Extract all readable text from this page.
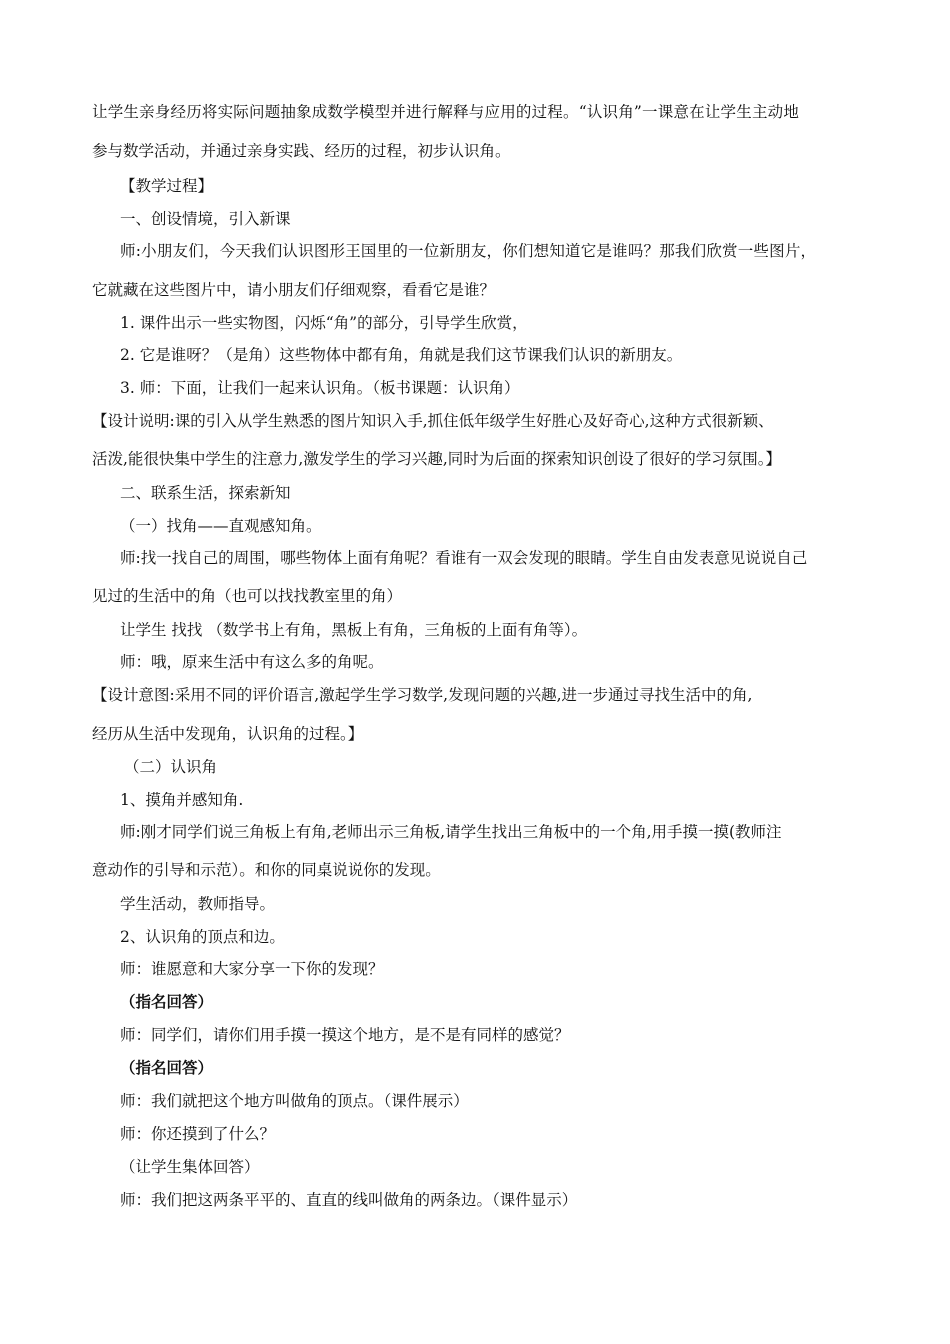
让学生亲身经历将实际问题抽象成数学模型并进行解释与应用的过程。“认识角”一课意在让学生主动地
参与数学活动，并通过亲身实践、经历的过程，初步认识角。
【教学过程】
一、创设情境，引入新课
师:小朋友们，今天我们认识图形王国里的一位新朋友，你们想知道它是谁吗？那我们欣赏一些图片，
它就藏在这些图片中，请小朋友们仔细观察，看看它是谁？
1. 课件出示一些实物图，闪烁“角”的部分，引导学生欣赏，
2. 它是谁呀？（是角）这些物体中都有角，角就是我们这节课我们认识的新朋友。
3. 师：下面，让我们一起来认识角。（板书课题：认识角）
【设计说明:课的引入从学生熟悉的图片知识入手,抓住低年级学生好胜心及好奇心,这种方式很新颖、
活泼,能很快集中学生的注意力,激发学生的学习兴趣,同时为后面的探索知识创设了很好的学习氛围。】
二、联系生活，探索新知
（一）找角——直观感知角。
师:找一找自己的周围，哪些物体上面有角呢？看谁有一双会发现的眼睛。学生自由发表意见说说自己
见过的生活中的角（也可以找找教室里的角）
让学生 找找 （数学书上有角，黑板上有角，三角板的上面有角等）。
师：哦，原来生活中有这么多的角呢。
【设计意图:采用不同的评价语言,激起学生学习数学,发现问题的兴趣,进一步通过寻找生活中的角,
经历从生活中发现角，认识角的过程。】
（二）认识角
1、摸角并感知角.
师:刚才同学们说三角板上有角,老师出示三角板,请学生找出三角板中的一个角,用手摸一摸(教师注
意动作的引导和示范）。和你的同桌说说你的发现。
学生活动，教师指导。
2、认识角的顶点和边。
师：谁愿意和大家分享一下你的发现？
（指名回答）
师：同学们，请你们用手摸一摸这个地方，是不是有同样的感觉？
（指名回答）
师：我们就把这个地方叫做角的顶点。（课件展示）
师：你还摸到了什么？
（让学生集体回答）
师：我们把这两条平平的、直直的线叫做角的两条边。（课件显示）
